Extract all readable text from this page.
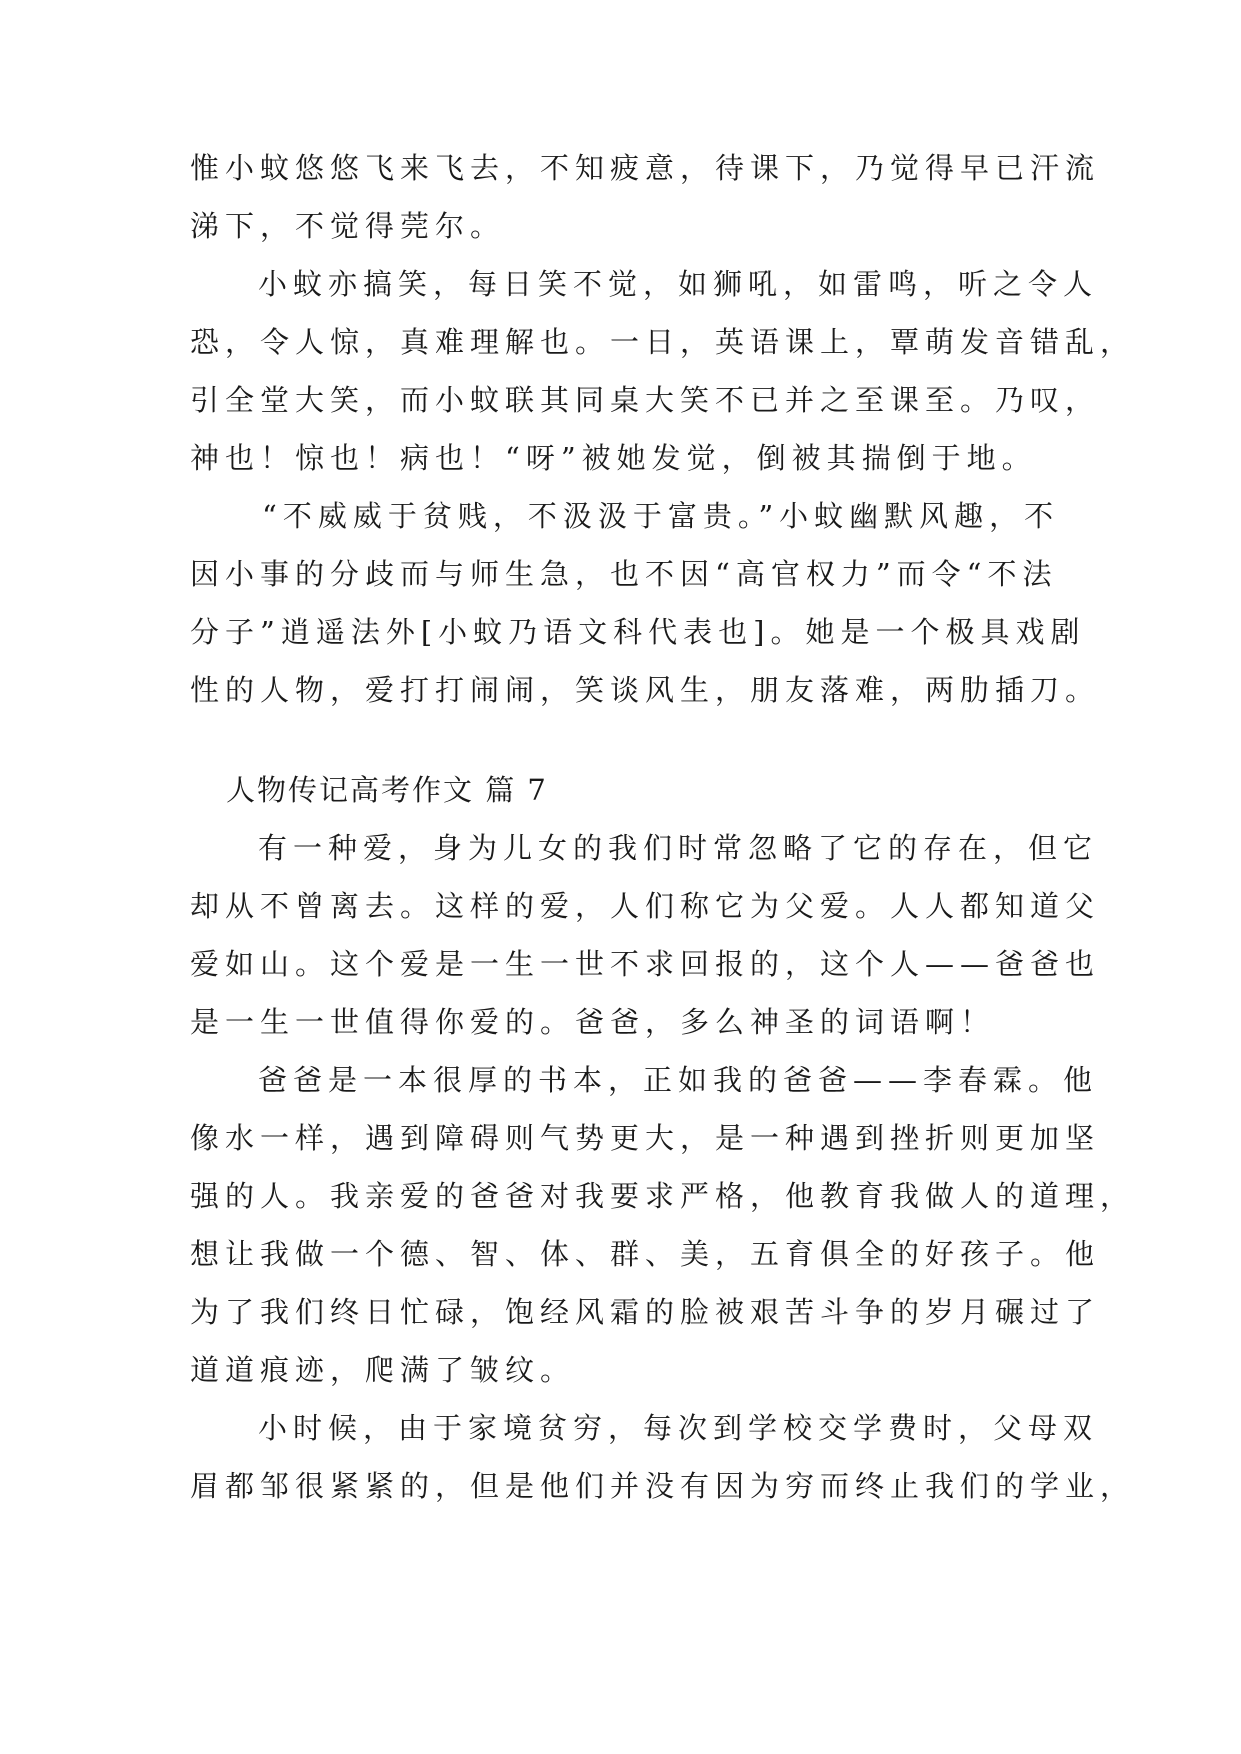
惟小蚊悠悠飞来飞去，不知疲意，待课下，乃觉得早已汗流
涕下，不觉得莞尔。
小蚊亦搞笑，每日笑不觉，如狮吼，如雷鸣，听之令人
恐，令人惊，真难理解也。一日，英语课上，覃萌发音错乱，
引全堂大笑，而小蚊联其同桌大笑不已并之至课至。乃叹，
神也！惊也！病也！“呀”被她发觉，倒被其揣倒于地。
“不威威于贫贱，不汲汲于富贵。”小蚊幽默风趣，不
因小事的分歧而与师生急，也不因“高官权力”而令“不法
分子”逍遥法外[小蚊乃语文科代表也]。她是一个极具戏剧
性的人物，爱打打闹闹，笑谈风生，朋友落难，两肋插刀。
人物传记高考作文 篇 7
有一种爱，身为儿女的我们时常忽略了它的存在，但它
却从不曾离去。这样的爱，人们称它为父爱。人人都知道父
爱如山。这个爱是一生一世不求回报的，这个人——爸爸也
是一生一世值得你爱的。爸爸，多么神圣的词语啊！
爸爸是一本很厚的书本，正如我的爸爸——李春霖。他
像水一样，遇到障碍则气势更大，是一种遇到挫折则更加坚
强的人。我亲爱的爸爸对我要求严格，他教育我做人的道理，
想让我做一个德、智、体、群、美，五育俱全的好孩子。他
为了我们终日忙碌，饱经风霜的脸被艰苦斗争的岁月碾过了
道道痕迹，爬满了皱纹。
小时候，由于家境贫穷，每次到学校交学费时，父母双
眉都邹很紧紧的，但是他们并没有因为穷而终止我们的学业，
